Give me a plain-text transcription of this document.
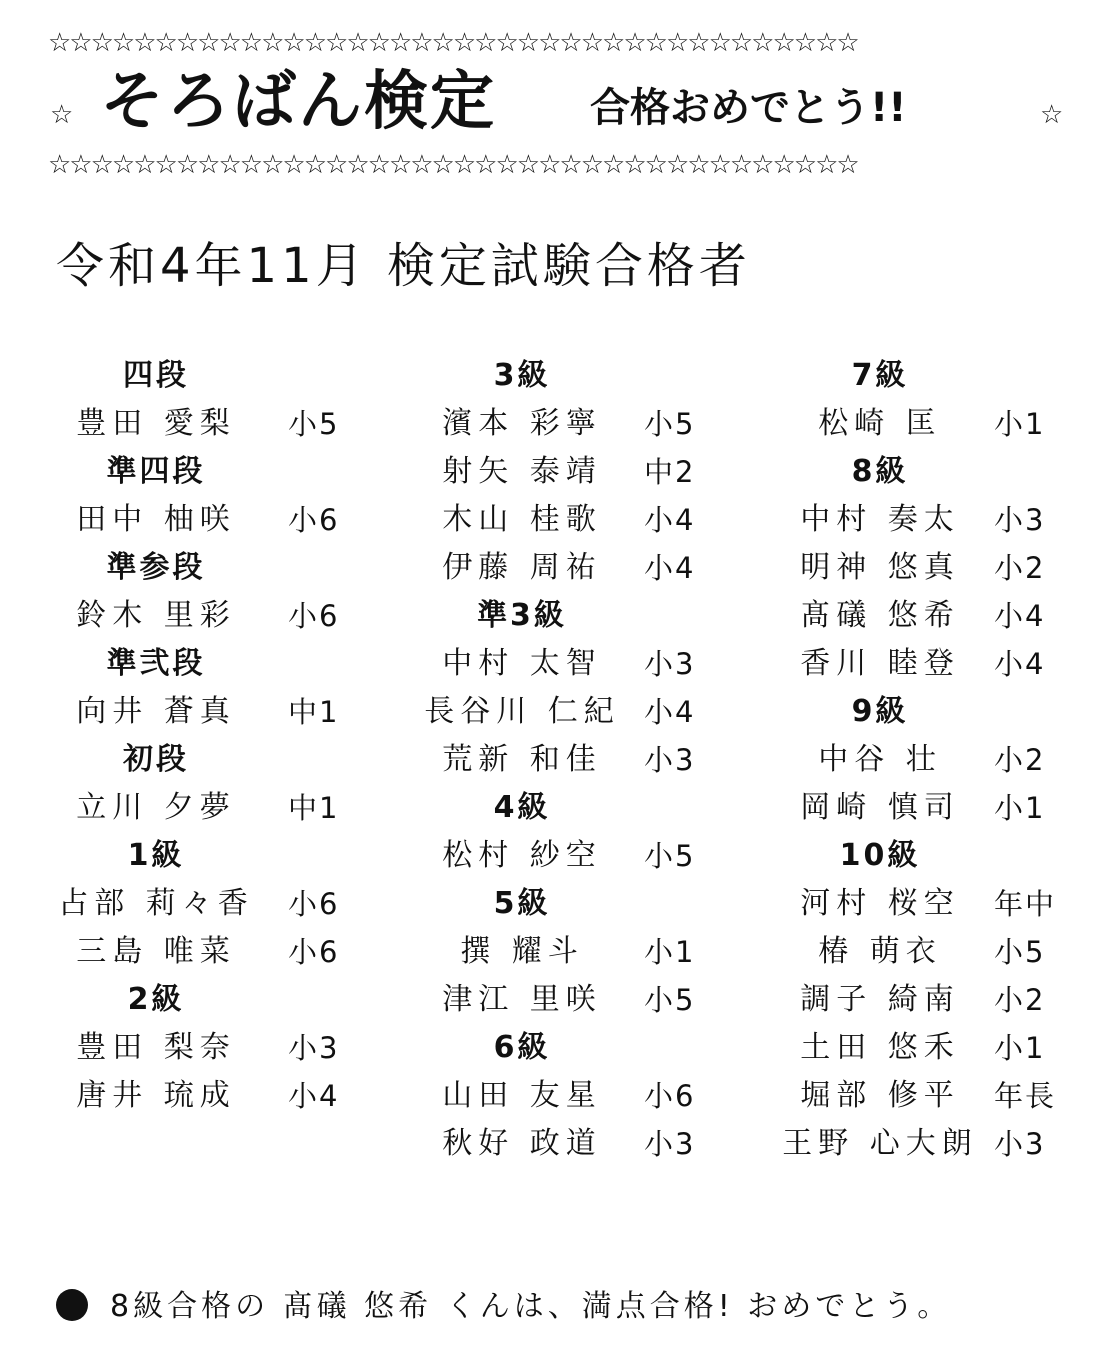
☆☆☆☆☆☆☆☆☆☆☆☆☆☆☆☆☆☆☆☆☆☆☆☆☆☆☆☆☆☆☆☆☆☆☆☆☆☆
☆ そろばん検定 合格おめでとう!!	☆
☆☆☆☆☆☆☆☆☆☆☆☆☆☆☆☆☆☆☆☆☆☆☆☆☆☆☆☆☆☆☆☆☆☆☆☆☆☆
令和4年11月 検定試験合格者
四段
豊田 愛梨 小5
準四段
田中 柚咲 小6
準参段
鈴木 里彩 小6
準弐段
向井 蒼真 中1
初段
立川 夕夢 中1
1級
占部 莉々香 小6
三島 唯菜 小6
2級
豊田 梨奈 小3
唐井 琉成 小4
3級
濱本 彩寧 小5
射矢 泰靖 中2
木山 桂歌 小4
伊藤 周祐 小4
準3級
中村 太智 小3
長谷川 仁紀 小4
荒新 和佳 小3
4級
松村 紗空 小5
5級
撰 耀斗 小1
津江 里咲 小5
6級
山田 友星 小6
秋好 政道 小3
7級
松崎 匡 小1
8級
中村 奏太 小3
明神 悠真 小2
髙礒 悠希 小4
香川 睦登 小4
9級
中谷 壮 小2
岡崎 慎司 小1
10級
河村 桜空 年中
椿 萌衣 小5
調子 綺南 小2
土田 悠禾 小1
堀部 修平 年長
王野 心大朗 小3
8級合格の 髙礒 悠希 くんは、満点合格! おめでとう。
